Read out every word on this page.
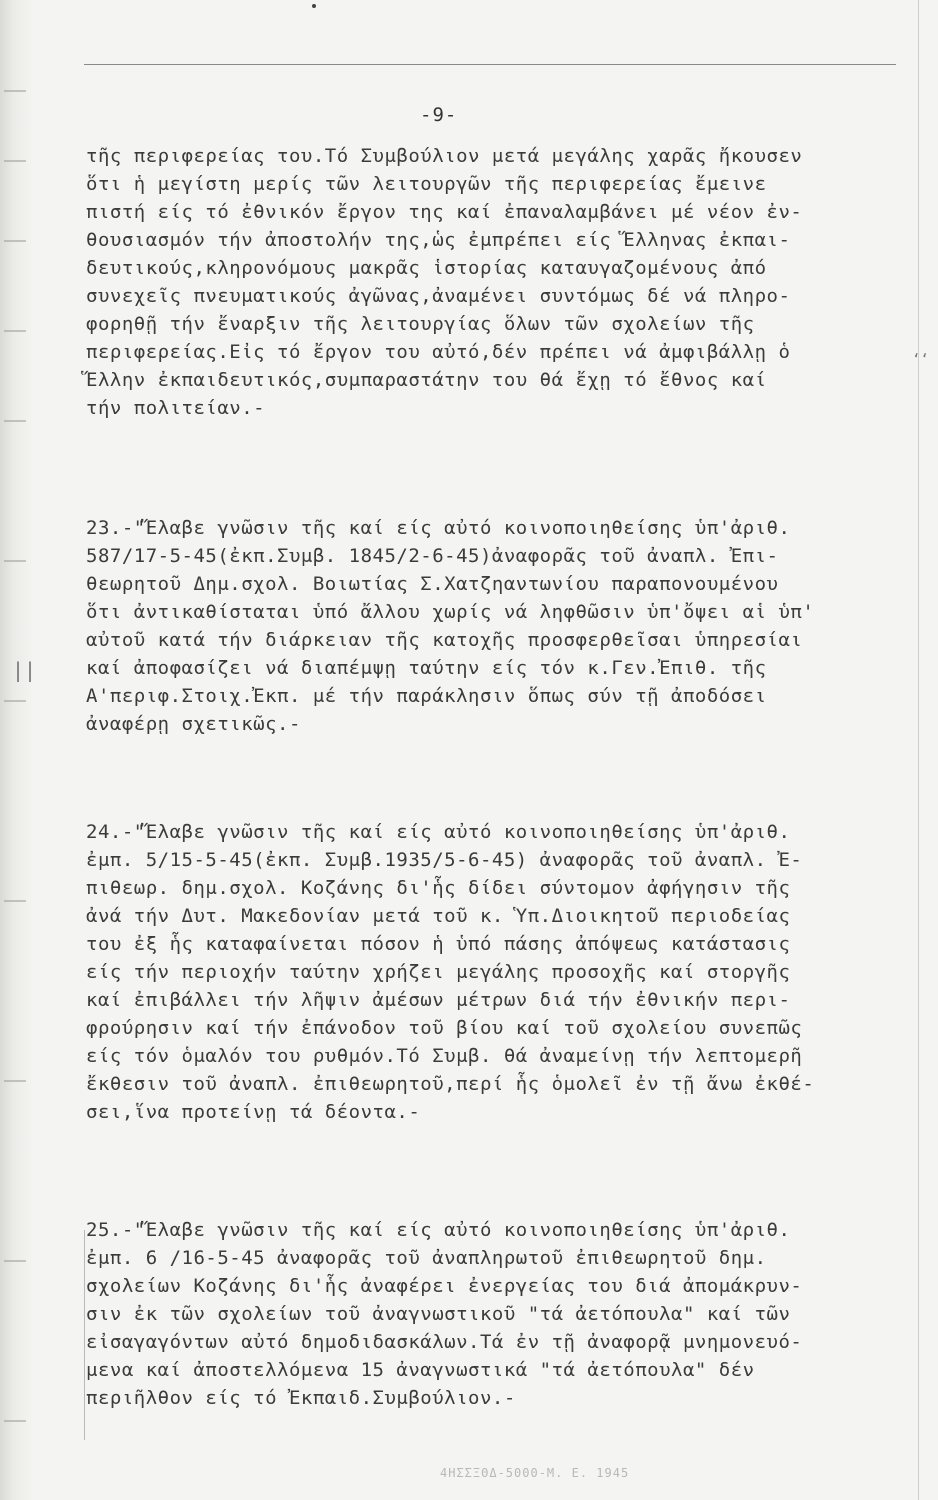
||
‘‘
-9-
τῆς περιφερείας του.Τό Συμβούλιον μετά μεγάλης χαρᾶς ἤκουσεν
ὅτι ἡ μεγίστη μερίς τῶν λειτουργῶν τῆς περιφερείας ἔμεινε
πιστή είς τό ἐθνικόν ἔργον της καί ἐπαναλαμβάνει μέ νέον ἐν-
θουσιασμόν τήν ἀποστολήν της,ὡς ἐμπρέπει είς Ἕλληνας ἐκπαι-
δευτικούς,κληρονόμους μακρᾶς ἱστορίας καταυγαζομένους ἀπό
συνεχεῖς πνευματικούς ἀγῶνας,ἀναμένει συντόμως δέ νά πληρο-
φορηθῇ τήν ἔναρξιν τῆς λειτουργίας ὅλων τῶν σχολείων τῆς
περιφερείας.Εἰς τό ἔργον του αὐτό,δέν πρέπει νά ἀμφιβάλλῃ ὁ
Ἕλλην ἐκπαιδευτικός,συμπαραστάτην του θά ἔχῃ τό ἔθνος καί
τήν πολιτείαν.-
23.-"Ἔλαβε γνῶσιν τῆς καί είς αὐτό κοινοποιηθείσης ὑπ'ἀριθ.
587/17-5-45(ἐκπ.Συμβ. 1845/2-6-45)ἀναφορᾶς τοῦ ἀναπλ. Ἐπι-
θεωρητοῦ Δημ.σχολ. Βοιωτίας Σ.Χατζηαντωνίου παραπονουμένου
ὅτι ἀντικαθίσταται ὑπό ἄλλου χωρίς νά ληφθῶσιν ὑπ'ὄψει αἱ ὑπ'
αὐτοῦ κατά τήν διάρκειαν τῆς κατοχῆς προσφερθεῖσαι ὑπηρεσίαι
καί ἀποφασίζει νά διαπέμψῃ ταύτην είς τόν κ.Γεν.Ἐπιθ. τῆς
Α'περιφ.Στοιχ.Ἐκπ. μέ τήν παράκλησιν ὅπως σύν τῇ ἀποδόσει
ἀναφέρῃ σχετικῶς.-
24.-"Ἔλαβε γνῶσιν τῆς καί είς αὐτό κοινοποιηθείσης ὑπ'ἀριθ.
ἐμπ. 5/15-5-45(ἐκπ. Συμβ.1935/5-6-45) ἀναφορᾶς τοῦ ἀναπλ. Ἐ-
πιθεωρ. δημ.σχολ. Κοζάνης δι'ἧς δίδει σύντομον ἀφήγησιν τῆς
ἀνά τήν Δυτ. Μακεδονίαν μετά τοῦ κ. Ὑπ.Διοικητοῦ περιοδείας
του ἐξ ἧς καταφαίνεται πόσον ἡ ὑπό πάσης ἀπόψεως κατάστασις
είς τήν περιοχήν ταύτην χρήζει μεγάλης προσοχῆς καί στοργῆς
καί ἐπιβάλλει τήν λῆψιν ἀμέσων μέτρων διά τήν ἐθνικήν περι-
φρούρησιν καί τήν ἐπάνοδον τοῦ βίου καί τοῦ σχολείου συνεπῶς
είς τόν ὁμαλόν του ρυθμόν.Τό Συμβ. θά ἀναμείνῃ τήν λεπτομερῆ
ἔκθεσιν τοῦ ἀναπλ. ἐπιθεωρητοῦ,περί ἧς ὁμολεῖ ἐν τῇ ἄνω ἐκθέ-
σει,ἵνα προτείνῃ τά δέοντα.-
25.-"Ἔλαβε γνῶσιν τῆς καί είς αὐτό κοινοποιηθείσης ὑπ'ἀριθ.
ἐμπ. 6 /16-5-45 ἀναφορᾶς τοῦ ἀναπληρωτοῦ ἐπιθεωρητοῦ δημ.
σχολείων Κοζάνης δι'ἧς ἀναφέρει ἐνεργείας του διά ἀπομάκρυν-
σιν ἐκ τῶν σχολείων τοῦ ἀναγνωστικοῦ "τά ἀετόπουλα" καί τῶν
εἰσαγαγόντων αὐτό δημοδιδασκάλων.Τά ἐν τῇ ἀναφορᾷ μνημονευό-
μενα καί ἀποστελλόμενα 15 ἀναγνωστικά "τά ἀετόπουλα" δέν
περιῆλθον είς τό Ἐκπαιδ.Συμβούλιον.-
4ΗΣΣΞΘΔ-5000-Μ. Ε. 1945
